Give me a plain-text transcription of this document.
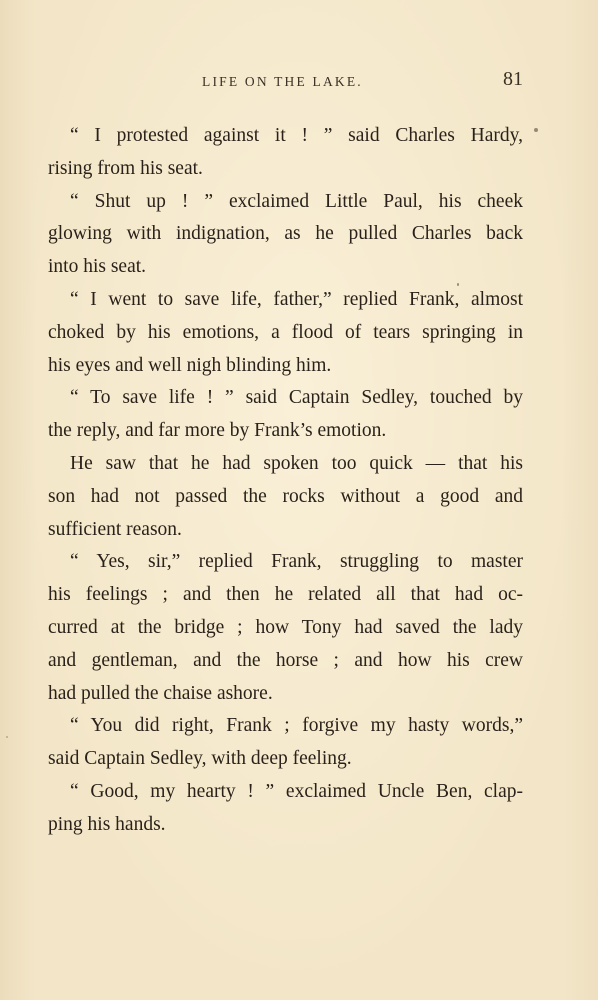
LIFE ON THE LAKE.	81
“ I protested against it ! ” said Charles Hardy,
rising from his seat.
“ Shut up ! ” exclaimed Little Paul, his cheek
glowing with indignation, as he pulled Charles back
into his seat.
“ I went to save life, father,” replied Frank, almost
choked by his emotions, a flood of tears springing in
his eyes and well nigh blinding him.
“ To save life ! ” said Captain Sedley, touched by
the reply, and far more by Frank’s emotion.
He saw that he had spoken too quick — that his
son had not passed the rocks without a good and
sufficient reason.
“ Yes, sir,” replied Frank, struggling to master
his feelings ; and then he related all that had oc-
curred at the bridge ; how Tony had saved the lady
and gentleman, and the horse ; and how his crew
had pulled the chaise ashore.
“ You did right, Frank ; forgive my hasty words,”
said Captain Sedley, with deep feeling.
“ Good, my hearty ! ” exclaimed Uncle Ben, clap-
ping his hands.
